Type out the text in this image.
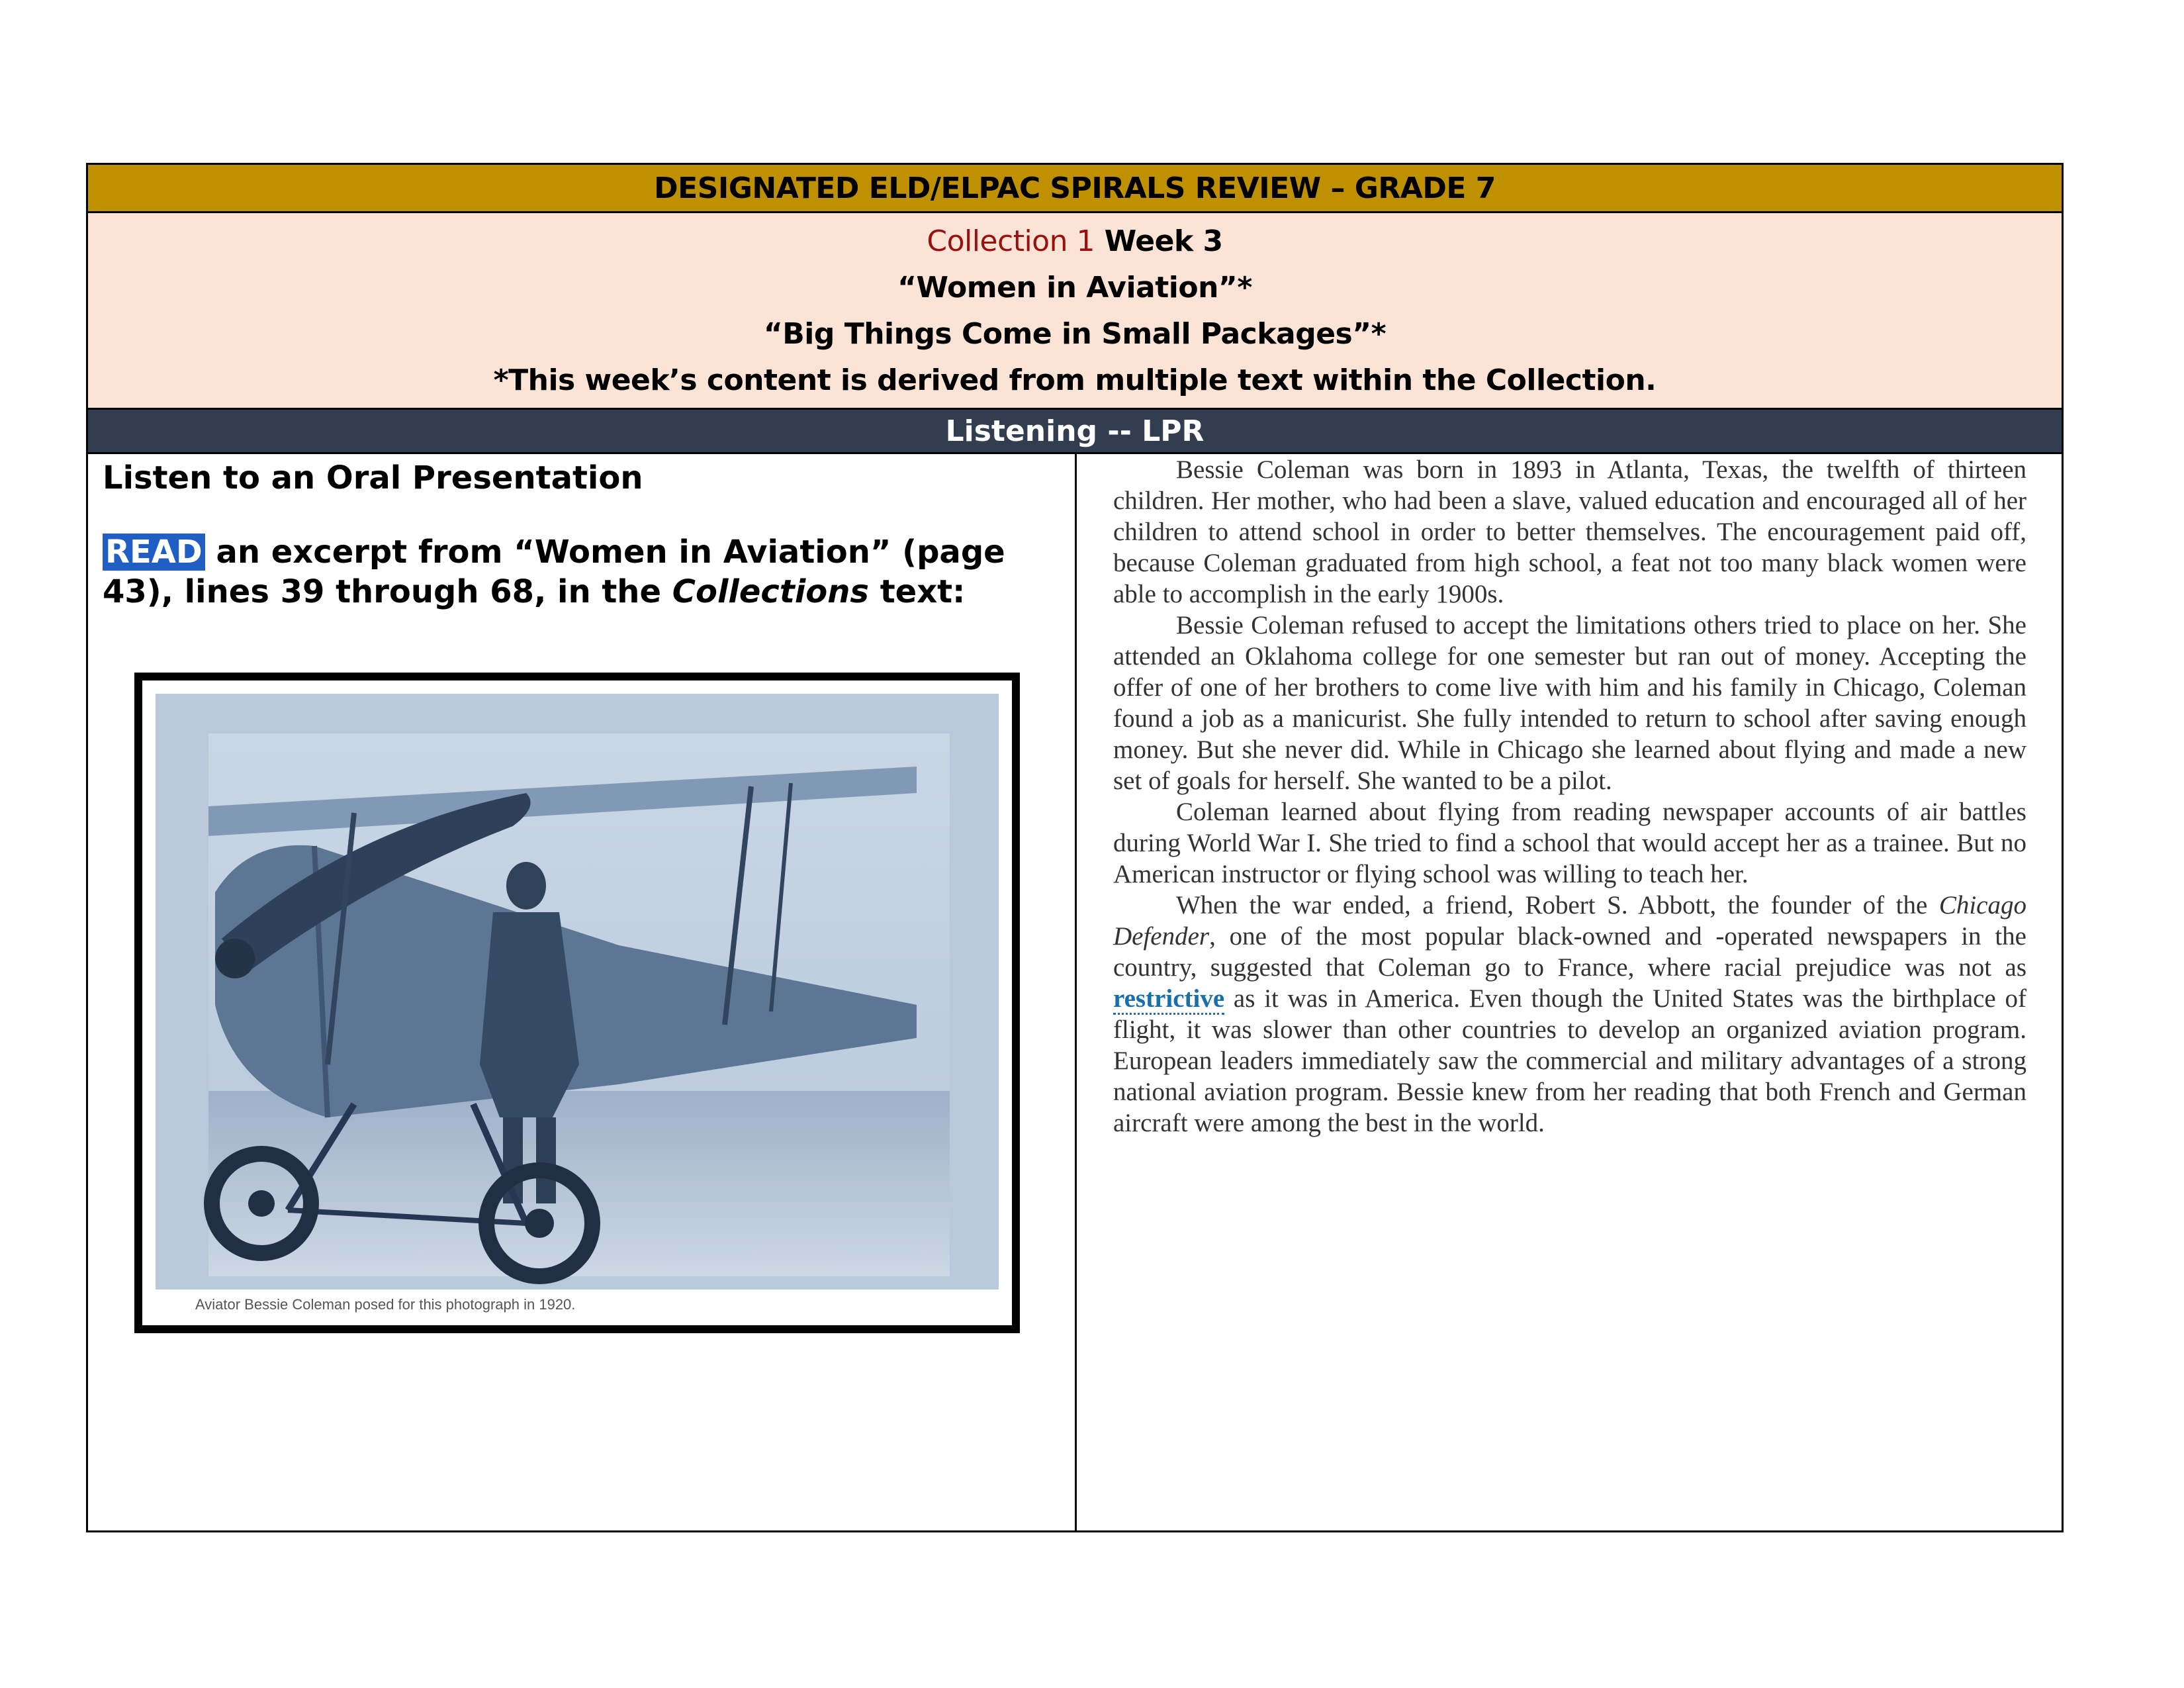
DESIGNATED ELD/ELPAC SPIRALS REVIEW – GRADE 7
Collection 1 Week 3
“Women in Aviation”*
“Big Things Come in Small Packages”*
*This week’s content is derived from multiple text within the Collection.
Listening -- LPR
Listen to an Oral Presentation
READ an excerpt from “Women in Aviation” (page 43), lines 39 through 68, in the Collections text:
Aviator Bessie Coleman posed for this photograph in 1920.

Bessie Coleman was born in 1893 in Atlanta, Texas, the twelfth of thirteen children. Her mother, who had been a slave, valued education and encouraged all of her children to attend school in order to better themselves. The encouragement paid off, because Coleman graduated from high school, a feat not too many black women were able to accomplish in the early 1900s.

Bessie Coleman refused to accept the limitations others tried to place on her. She attended an Oklahoma college for one semester but ran out of money. Accepting the offer of one of her brothers to come live with him and his family in Chicago, Coleman found a job as a manicurist. She fully intended to return to school after saving enough money. But she never did. While in Chicago she learned about flying and made a new set of goals for herself. She wanted to be a pilot.

Coleman learned about flying from reading newspaper accounts of air battles during World War I. She tried to find a school that would accept her as a trainee. But no American instructor or flying school was willing to teach her.

When the war ended, a friend, Robert S. Abbott, the founder of the Chicago Defender, one of the most popular black-owned and -operated newspapers in the country, suggested that Coleman go to France, where racial prejudice was not as restrictive as it was in America. Even though the United States was the birthplace of flight, it was slower than other countries to develop an organized aviation program. European leaders immediately saw the commercial and military advantages of a strong national aviation program. Bessie knew from her reading that both French and German aircraft were among the best in the world.
